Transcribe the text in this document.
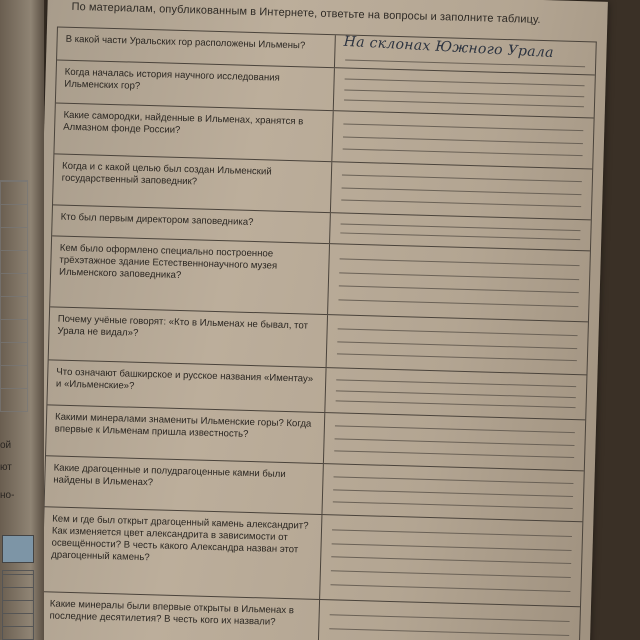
ой
ют
но-
По материалам, опубликованным в Интернете, ответьте на вопросы и заполните таблицу.
В какой части Уральских гор расположены Ильмены?	На склонах Южного Урала
Когда началась история научного исследования Ильменских гор?
Какие самородки, найденные в Ильменах, хранятся в Алмазном фонде России?
Когда и с какой целью был создан Ильменский государственный заповедник?
Кто был первым директором заповедника?
Кем было оформлено специально построенное трёхэтажное здание Естественнонаучного музея Ильменского заповедника?
Почему учёные говорят: «Кто в Ильменах не бывал, тот Урала не видал»?
Что означают башкирское и русское названия «Иментау» и «Ильменские»?
Какими минералами знамениты Ильменские горы? Когда впервые к Ильменам пришла известность?
Какие драгоценные и полудрагоценные камни были найдены в Ильменах?
Кем и где был открыт драгоценный камень александрит? Как изменяется цвет александрита в зависимости от освещённости? В честь какого Александра назван этот драгоценный камень?
Какие минералы были впервые открыты в Ильменах в последние десятилетия? В честь кого их назвали?
